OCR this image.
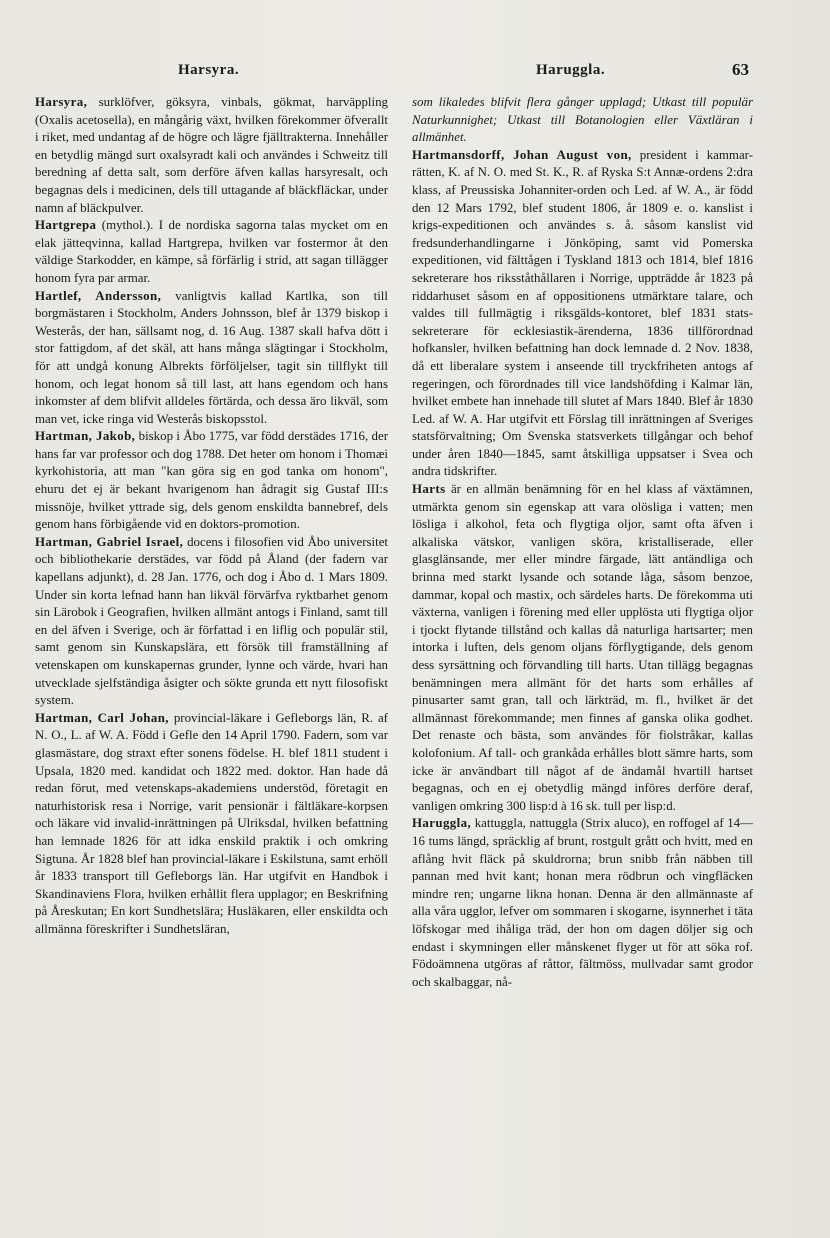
Harsyra.	Haruggla.	63

Harsyra, surklöfver, göksyra, vinbals, gökmat, harväppling (Oxalis acetosella), en mångårig växt, hvilken förekommer öfverallt i riket, med undantag af de högre och lägre fjälltrakterna. Innehåller en betydlig mängd surt oxalsyradt kali och användes i Schweitz till beredning af detta salt, som derföre äfven kallas harsyresalt, och begagnas dels i medicinen, dels till uttagande af bläckfläckar, under namn af bläckpulver.

Hartgrepa (mythol.). I de nordiska sagorna talas mycket om en elak jätteqvinna, kallad Hartgrepa, hvilken var fostermor åt den väldige Starkodder, en kämpe, så förfärlig i strid, att sagan tillägger honom fyra par armar.

Hartlef, Andersson, vanligtvis kallad Kartlka, son till borgmästaren i Stockholm, Anders Johnsson, blef år 1379 biskop i Westerås, der han, sällsamt nog, d. 16 Aug. 1387 skall hafva dött i stor fattigdom, af det skäl, att hans många slägtingar i Stockholm, för att undgå konung Albrekts förföljelser, tagit sin tillflykt till honom, och legat honom så till last, att hans egendom och hans inkomster af dem blifvit alldeles förtärda, och dessa äro likväl, som man vet, icke ringa vid Westerås biskopsstol.

Hartman, Jakob, biskop i Åbo 1775, var född derstädes 1716, der hans far var professor och dog 1788. Det heter om honom i Thomæi kyrkohistoria, att man "kan göra sig en god tanka om honom", ehuru det ej är bekant hvarigenom han ådragit sig Gustaf III:s missnöje, hvilket yttrade sig, dels genom enskildta bannebref, dels genom hans förbigående vid en doktors-promotion.

Hartman, Gabriel Israel, docens i filosofien vid Åbo universitet och bibliothekarie derstädes, var född på Åland (der fadern var kapellans adjunkt), d. 28 Jan. 1776, och dog i Åbo d. 1 Mars 1809. Under sin korta lefnad hann han likväl förvärfva ryktbarhet genom sin Lärobok i Geografien, hvilken allmänt antogs i Finland, samt till en del äfven i Sverige, och är författad i en liflig och populär stil, samt genom sin Kunskapslära, ett försök till framställning af vetenskapen om kunskapernas grunder, lynne och värde, hvari han utvecklade sjelfständiga åsigter och sökte grunda ett nytt filosofiskt system.

Hartman, Carl Johan, provincial-läkare i Gefleborgs län, R. af N. O., L. af W. A. Född i Gefle den 14 April 1790. Fadern, som var glasmästare, dog straxt efter sonens födelse. H. blef 1811 student i Upsala, 1820 med. kandidat och 1822 med. doktor. Han hade då redan förut, med vetenskaps-akademiens understöd, företagit en naturhistorisk resa i Norrige, varit pensionär i fältläkare-korpsen och läkare vid invalid-inrättningen på Ulriksdal, hvilken befattning han lemnade 1826 för att idka enskild praktik i och omkring Sigtuna. År 1828 blef han provincial-läkare i Eskilstuna, samt erhöll år 1833 transport till Gefleborgs län. Har utgifvit en Handbok i Skandinaviens Flora, hvilken erhållit flera upplagor; en Beskrifning på Åreskutan; En kort Sundhetslära; Husläkaren, eller enskildta och allmänna föreskrifter i Sundhetsläran,

som likaledes blifvit flera gånger upplagd; Utkast till populär Naturkunnighet; Utkast till Botanologien eller Växtläran i allmänhet.

Hartmansdorff, Johan August von, president i kammar-rätten, K. af N. O. med St. K., R. af Ryska S:t Annæ-ordens 2:dra klass, af Preussiska Johanniter-orden och Led. af W. A., är född den 12 Mars 1792, blef student 1806, år 1809 e. o. kanslist i krigs-expeditionen och användes s. å. såsom kanslist vid fredsunderhandlingarne i Jönköping, samt vid Pomerska expeditionen, vid fälttågen i Tyskland 1813 och 1814, blef 1816 sekreterare hos riksståthållaren i Norrige, uppträdde år 1823 på riddarhuset såsom en af oppositionens utmärktare talare, och valdes till fullmägtig i riksgälds-kontoret, blef 1831 stats-sekreterare för ecklesiastik-ärenderna, 1836 tillförordnad hofkansler, hvilken befattning han dock lemnade d. 2 Nov. 1838, då ett liberalare system i anseende till tryckfriheten antogs af regeringen, och förordnades till vice landshöfding i Kalmar län, hvilket embete han innehade till slutet af Mars 1840. Blef år 1830 Led. af W. A. Har utgifvit ett Förslag till inrättningen af Sveriges statsförvaltning; Om Svenska statsverkets tillgångar och behof under åren 1840—1845, samt åtskilliga uppsatser i Svea och andra tidskrifter.

Harts är en allmän benämning för en hel klass af växtämnen, utmärkta genom sin egenskap att vara olösliga i vatten; men lösliga i alkohol, feta och flygtiga oljor, samt ofta äfven i alkaliska vätskor, vanligen sköra, kristalliserade, eller glasglänsande, mer eller mindre färgade, lätt antändliga och brinna med starkt lysande och sotande låga, såsom benzoe, dammar, kopal och mastix, och särdeles harts. De förekomma uti växterna, vanligen i förening med eller upplösta uti flygtiga oljor i tjockt flytande tillstånd och kallas då naturliga hartsarter; men intorka i luften, dels genom oljans förflygtigande, dels genom dess syrsättning och förvandling till harts. Utan tillägg begagnas benämningen mera allmänt för det harts som erhålles af pinusarter samt gran, tall och lärkträd, m. fl., hvilket är det allmännast förekommande; men finnes af ganska olika godhet. Det renaste och bästa, som användes för fiolstråkar, kallas kolofonium. Af tall- och grankåda erhålles blott sämre harts, som icke är användbart till något af de ändamål hvartill hartset begagnas, och en ej obetydlig mängd införes derföre deraf, vanligen omkring 300 lisp:d à 16 sk. tull per lisp:d.

Haruggla, kattuggla, nattuggla (Strix aluco), en roffogel af 14—16 tums längd, spräcklig af brunt, rostgult grått och hvitt, med en aflång hvit fläck på skuldrorna; brun snibb från näbben till pannan med hvit kant; honan mera rödbrun och vingfläcken mindre ren; ungarne likna honan. Denna är den allmännaste af alla våra ugglor, lefver om sommaren i skogarne, isynnerhet i täta löfskogar med ihåliga träd, der hon om dagen döljer sig och endast i skymningen eller månskenet flyger ut för att söka rof. Födoämnena utgöras af råttor, fältmöss, mullvadar samt grodor och skalbaggar, nå-
